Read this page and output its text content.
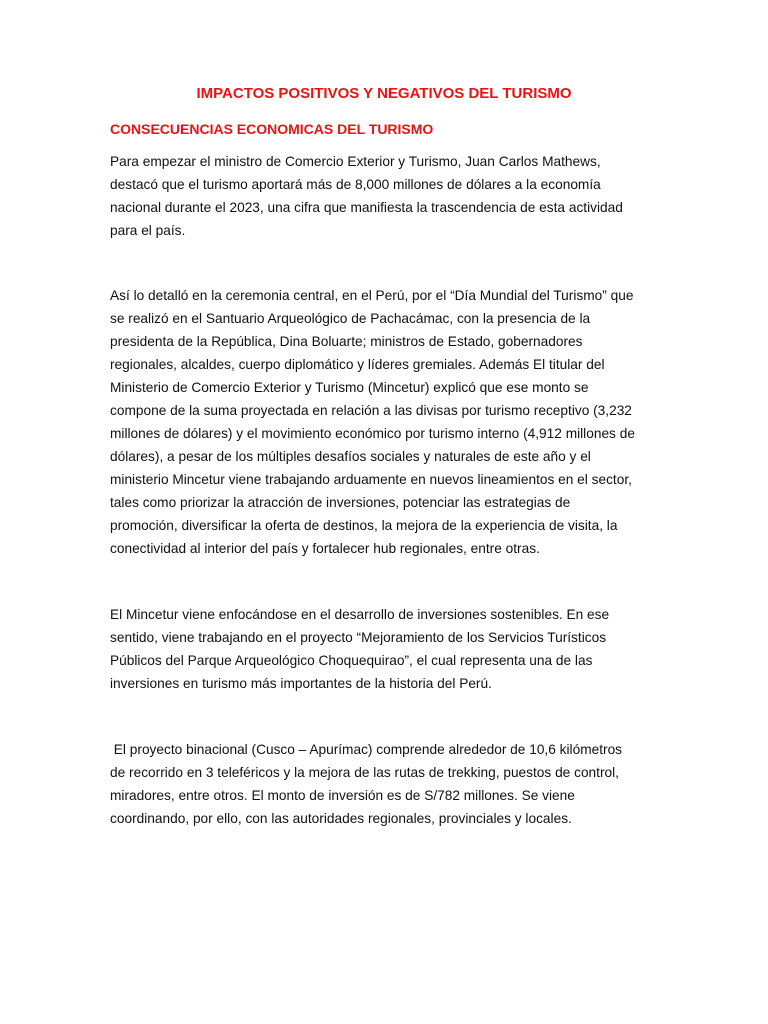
IMPACTOS POSITIVOS Y NEGATIVOS DEL TURISMO
CONSECUENCIAS ECONOMICAS DEL TURISMO
Para empezar el ministro de Comercio Exterior y Turismo, Juan Carlos Mathews,
destacó que el turismo aportará más de 8,000 millones de dólares a la economía
nacional durante el 2023, una cifra que manifiesta la trascendencia de esta actividad
para el país.
Así lo detalló en la ceremonia central, en el Perú, por el “Día Mundial del Turismo” que
se realizó en el Santuario Arqueológico de Pachacámac, con la presencia de la
presidenta de la República, Dina Boluarte; ministros de Estado, gobernadores
regionales, alcaldes, cuerpo diplomático y líderes gremiales. Además El titular del
Ministerio de Comercio Exterior y Turismo (Mincetur) explicó que ese monto se
compone de la suma proyectada en relación a las divisas por turismo receptivo (3,232
millones de dólares) y el movimiento económico por turismo interno (4,912 millones de
dólares), a pesar de los múltiples desafíos sociales y naturales de este año y el
ministerio Mincetur viene trabajando arduamente en nuevos lineamientos en el sector,
tales como priorizar la atracción de inversiones, potenciar las estrategias de
promoción, diversificar la oferta de destinos, la mejora de la experiencia de visita, la
conectividad al interior del país y fortalecer hub regionales, entre otras.
El Mincetur viene enfocándose en el desarrollo de inversiones sostenibles. En ese
sentido, viene trabajando en el proyecto “Mejoramiento de los Servicios Turísticos
Públicos del Parque Arqueológico Choquequirao”, el cual representa una de las
inversiones en turismo más importantes de la historia del Perú.
El proyecto binacional (Cusco – Apurímac) comprende alrededor de 10,6 kilómetros
de recorrido en 3 teleféricos y la mejora de las rutas de trekking, puestos de control,
miradores, entre otros. El monto de inversión es de S/782 millones. Se viene
coordinando, por ello, con las autoridades regionales, provinciales y locales.
